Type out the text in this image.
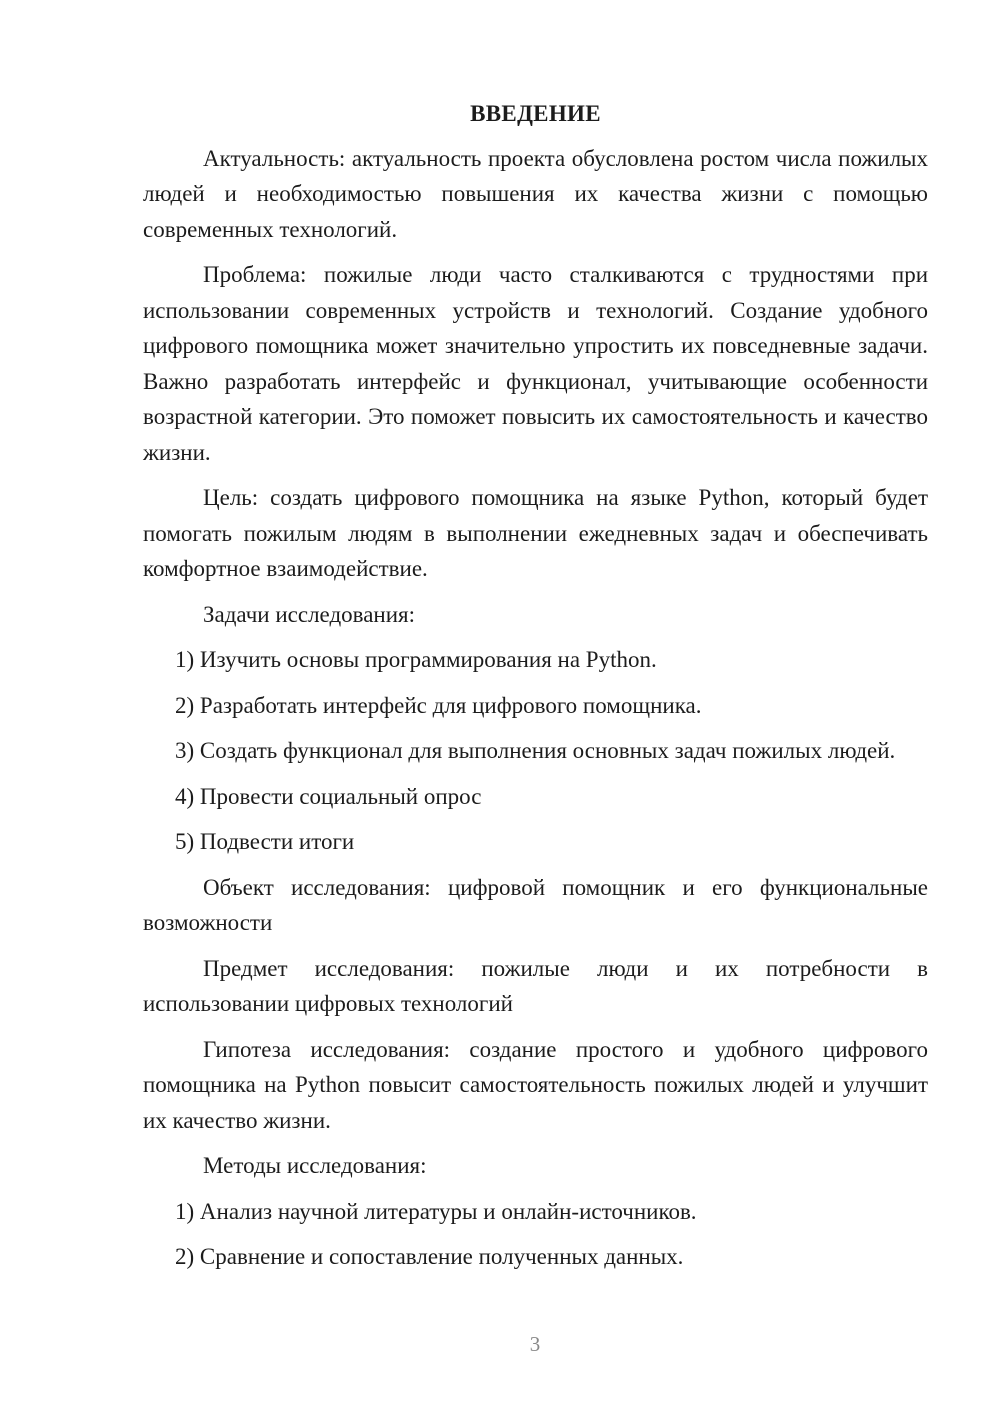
ВВЕДЕНИЕ

Актуальность: актуальность проекта обусловлена ростом числа пожилых людей и необходимостью повышения их качества жизни с помощью современных технологий.

Проблема: пожилые люди часто сталкиваются с трудностями при использовании современных устройств и технологий. Создание удобного цифрового помощника может значительно упростить их повседневные задачи. Важно разработать интерфейс и функционал, учитывающие особенности возрастной категории. Это поможет повысить их самостоятельность и качество жизни.

Цель: создать цифрового помощника на языке Python, который будет помогать пожилым людям в выполнении ежедневных задач и обеспечивать комфортное взаимодействие.

Задачи исследования:

1) Изучить основы программирования на Python.

2) Разработать интерфейс для цифрового помощника.

3) Создать функционал для выполнения основных задач пожилых людей.

4) Провести социальный опрос

5) Подвести итоги

Объект исследования: цифровой помощник и его функциональные возможности

Предмет исследования: пожилые люди и их потребности в использовании цифровых технологий

Гипотеза исследования: создание простого и удобного цифрового помощника на Python повысит самостоятельность пожилых людей и улучшит их качество жизни.

Методы исследования:

1) Анализ научной литературы и онлайн-источников.

2) Сравнение и сопоставление полученных данных.

3
